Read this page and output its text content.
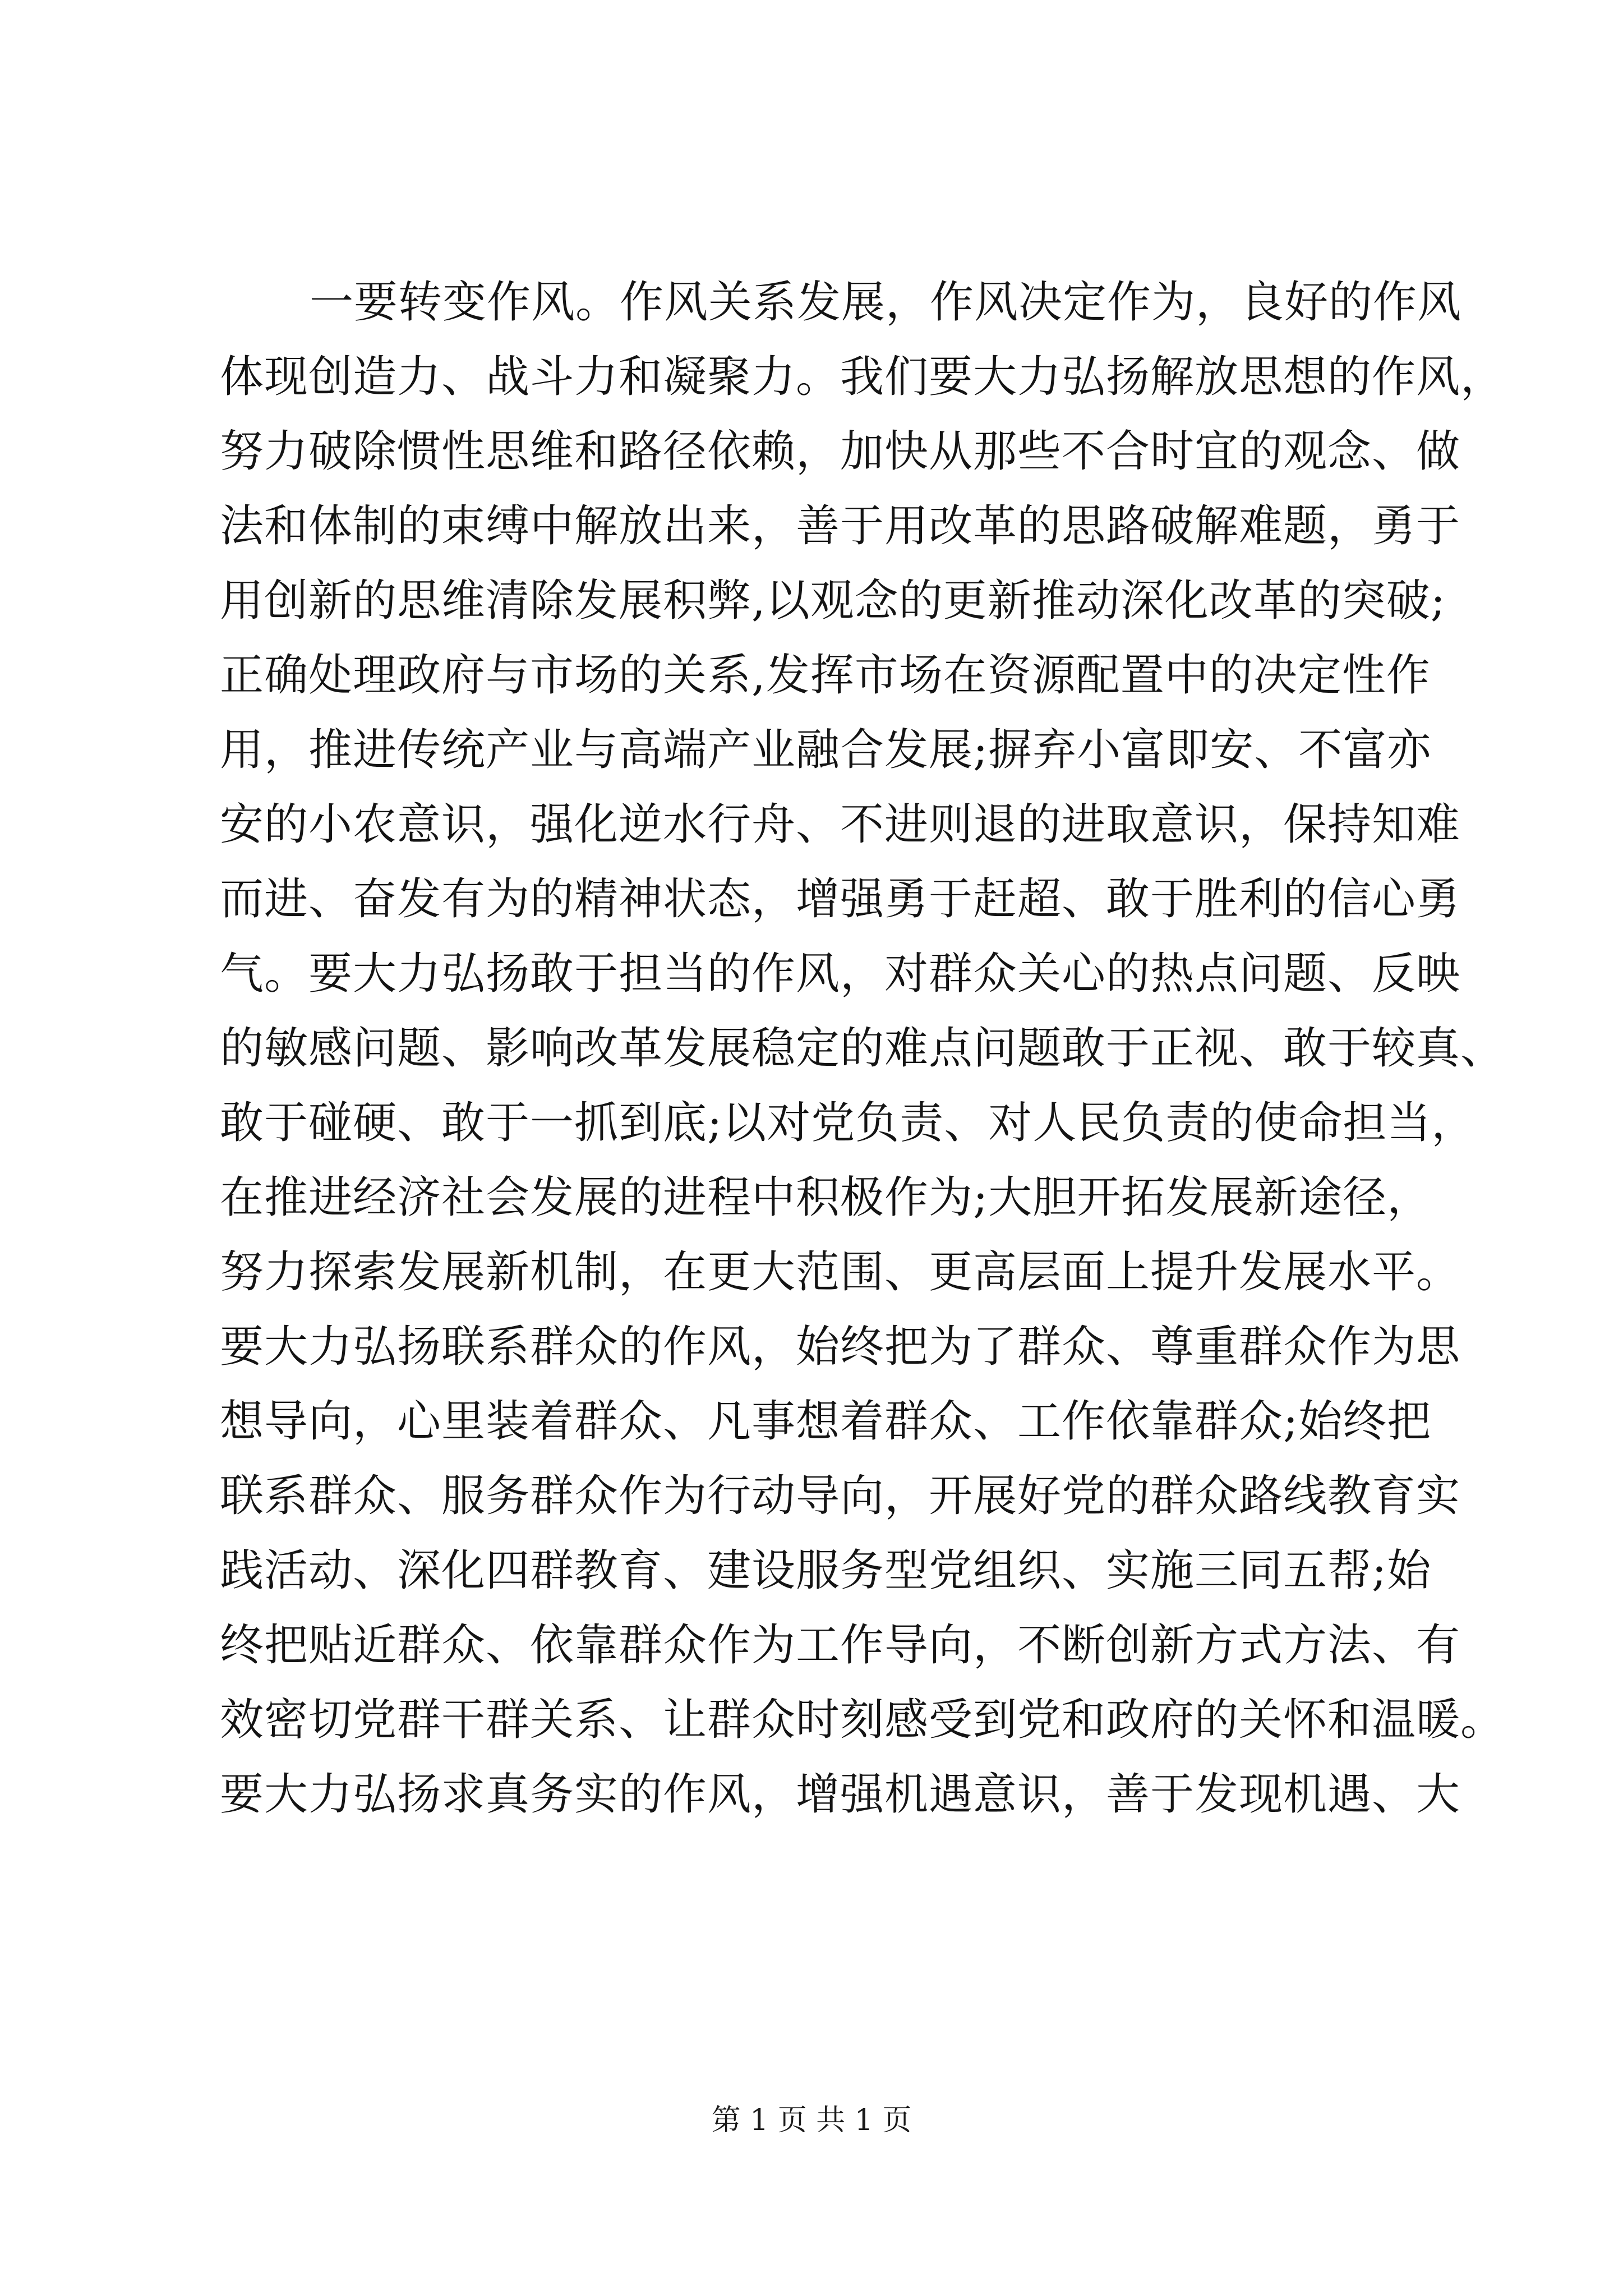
一要转变作风。作风关系发展，作风决定作为，良好的作风
体现创造力、战斗力和凝聚力。我们要大力弘扬解放思想的作风，
努力破除惯性思维和路径依赖，加快从那些不合时宜的观念、做
法和体制的束缚中解放出来，善于用改革的思路破解难题，勇于
用创新的思维清除发展积弊,以观念的更新推动深化改革的突破;
正确处理政府与市场的关系,发挥市场在资源配置中的决定性作
用，推进传统产业与高端产业融合发展;摒弃小富即安、不富亦
安的小农意识，强化逆水行舟、不进则退的进取意识，保持知难
而进、奋发有为的精神状态，增强勇于赶超、敢于胜利的信心勇
气。要大力弘扬敢于担当的作风，对群众关心的热点问题、反映
的敏感问题、影响改革发展稳定的难点问题敢于正视、敢于较真、
敢于碰硬、敢于一抓到底;以对党负责、对人民负责的使命担当，
在推进经济社会发展的进程中积极作为;大胆开拓发展新途径，
努力探索发展新机制，在更大范围、更高层面上提升发展水平。
要大力弘扬联系群众的作风，始终把为了群众、尊重群众作为思
想导向，心里装着群众、凡事想着群众、工作依靠群众;始终把
联系群众、服务群众作为行动导向，开展好党的群众路线教育实
践活动、深化四群教育、建设服务型党组织、实施三同五帮;始
终把贴近群众、依靠群众作为工作导向，不断创新方式方法、有
效密切党群干群关系、让群众时刻感受到党和政府的关怀和温暖。
要大力弘扬求真务实的作风，增强机遇意识，善于发现机遇、大
第 1 页 共 1 页
